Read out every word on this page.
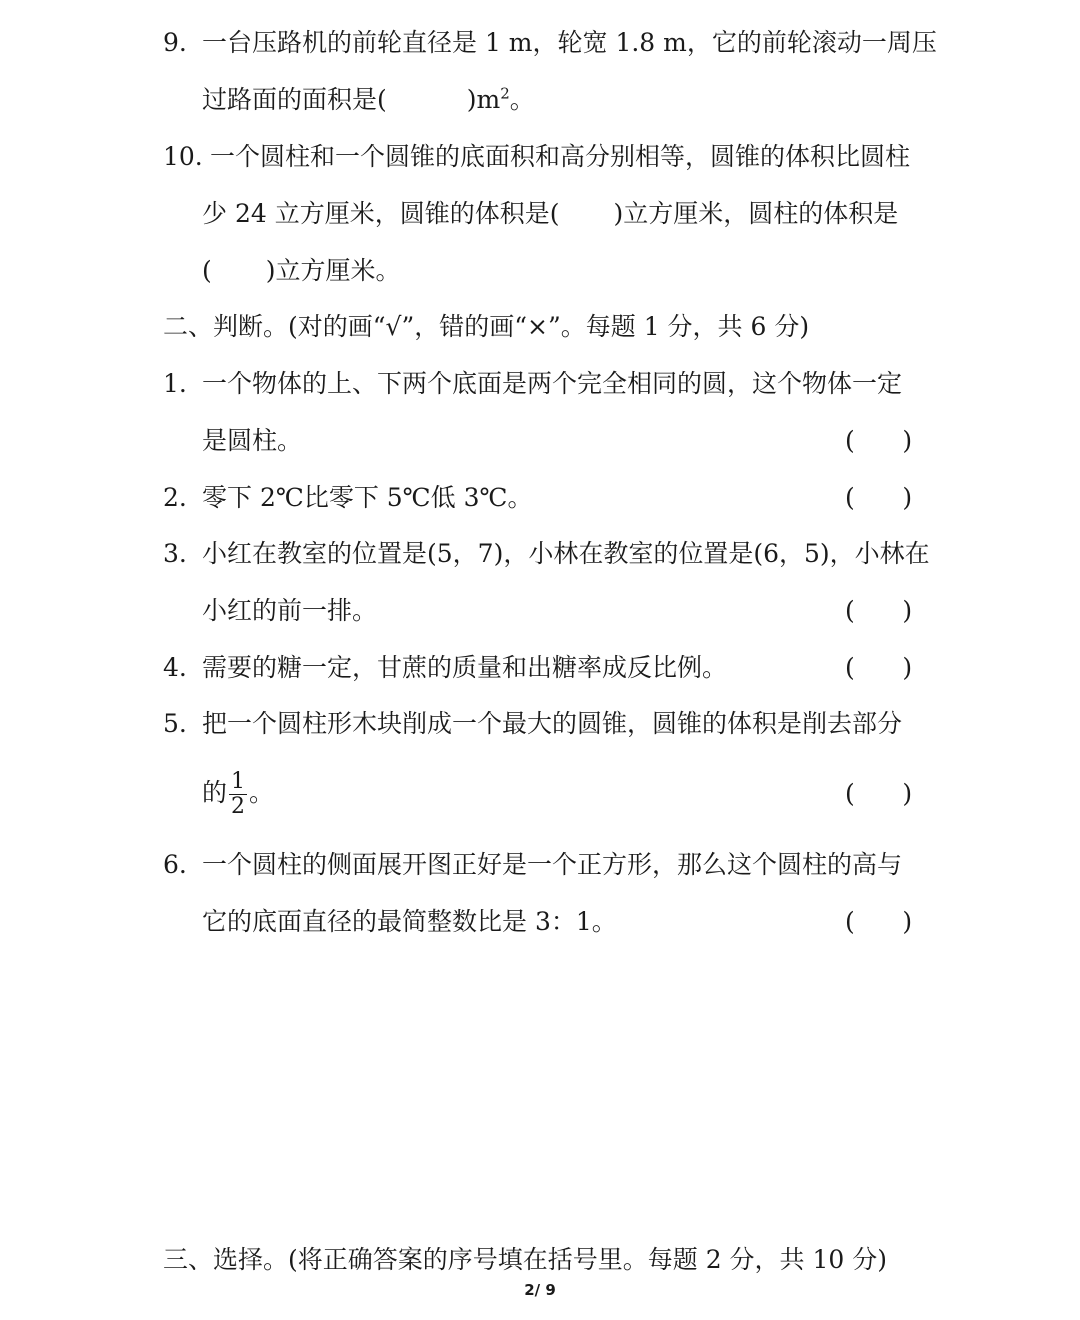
9. 一台压路机的前轮直径是 1 m，轮宽 1.8 m，它的前轮滚动一周压
过路面的面积是(	)$m^2$。
10. 一个圆柱和一个圆锥的底面积和高分别相等，圆锥的体积比圆柱
少 24 立方厘米，圆锥的体积是( )立方厘米，圆柱的体积是
( )立方厘米。
二、判断。(对的画“√”，错的画“×”。每题 1 分，共 6 分)
1. 一个物体的上、下两个底面是两个完全相同的圆，这个物体一定
是圆柱。	(      )
2. 零下 2℃比零下 5℃低 3℃。	(      )
3. 小红在教室的位置是(5，7)，小林在教室的位置是(6，5)，小林在
小红的前一排。	(      )
4. 需要的糖一定，甘蔗的质量和出糖率成反比例。	(      )
5. 把一个圆柱形木块削成一个最大的圆锥，圆锥的体积是削去部分
的 $\frac{1}{2}$ 。	(      )
6. 一个圆柱的侧面展开图正好是一个正方形，那么这个圆柱的高与
它的底面直径的最简整数比是 3：1。	(      )
三、选择。(将正确答案的序号填在括号里。每题 2 分，共 10 分)
2/ 9
